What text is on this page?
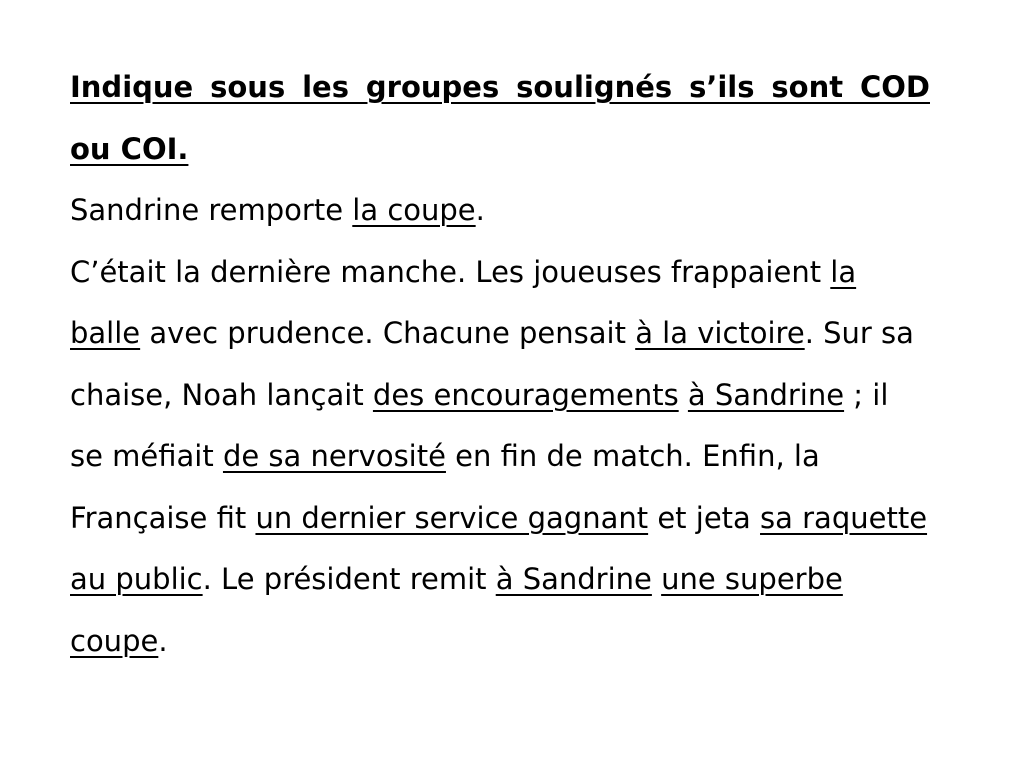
Indique sous les groupes soulignés s’ils sont COD ou COI.

Sandrine remporte la coupe.

C’était la dernière manche. Les joueuses frappaient la balle avec prudence. Chacune pensait à la victoire. Sur sa chaise, Noah lançait des encouragements à Sandrine ; il se méfiait de sa nervosité en fin de match. Enfin, la Française fit un dernier service gagnant et jeta sa raquette au public. Le président remit à Sandrine une superbe coupe.
